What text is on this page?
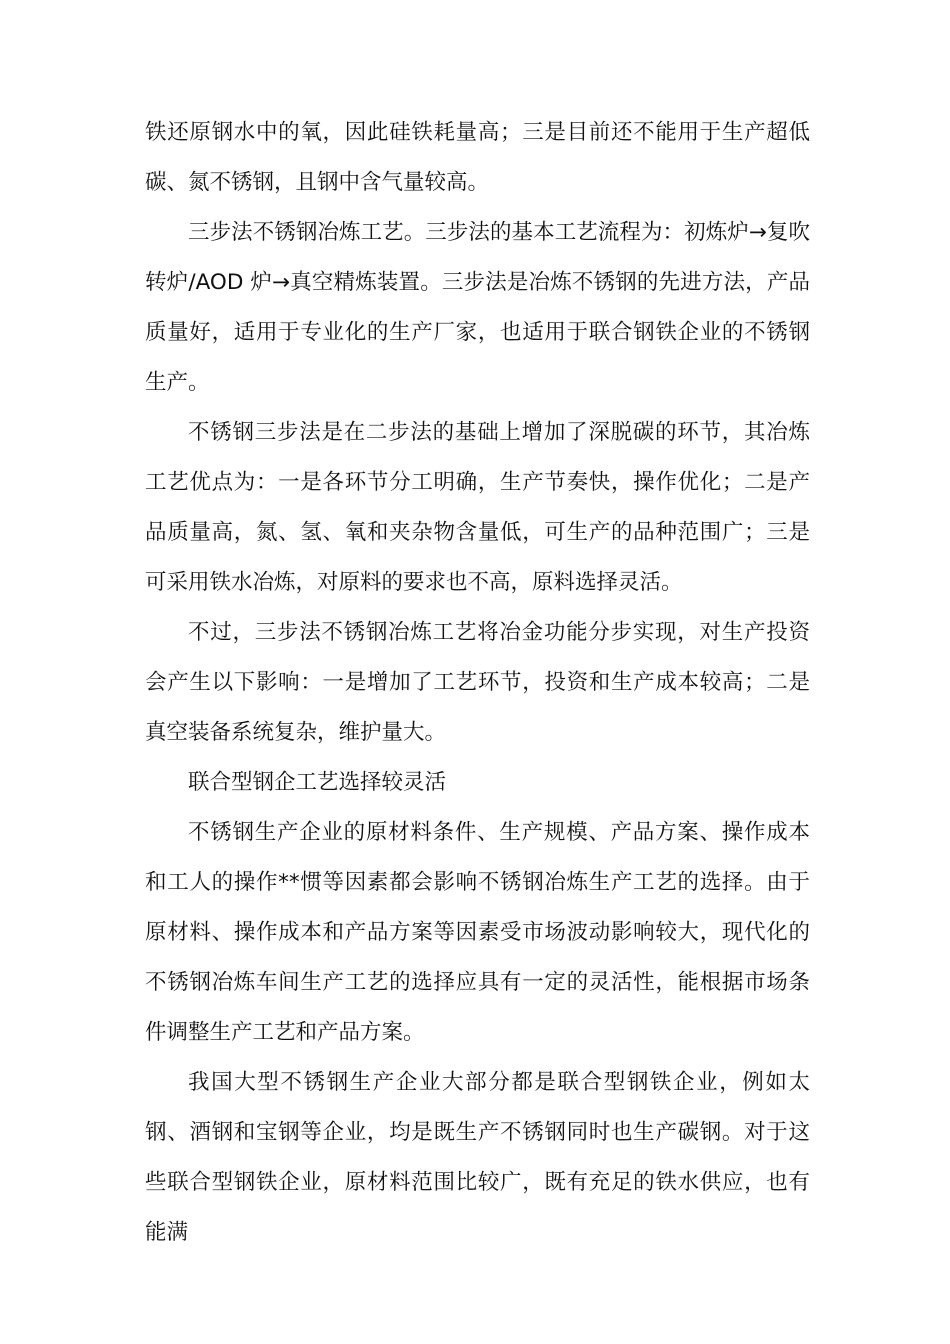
铁还原钢水中的氧，因此硅铁耗量高；三是目前还不能用于生产超低碳、氮不锈钢，且钢中含气量较高。

三步法不锈钢冶炼工艺。三步法的基本工艺流程为：初炼炉→复吹转炉/AOD 炉→真空精炼装置。三步法是冶炼不锈钢的先进方法，产品质量好，适用于专业化的生产厂家，也适用于联合钢铁企业的不锈钢生产。

不锈钢三步法是在二步法的基础上增加了深脱碳的环节，其冶炼工艺优点为：一是各环节分工明确，生产节奏快，操作优化；二是产品质量高，氮、氢、氧和夹杂物含量低，可生产的品种范围广；三是可采用铁水冶炼，对原料的要求也不高，原料选择灵活。

不过，三步法不锈钢冶炼工艺将冶金功能分步实现，对生产投资会产生以下影响：一是增加了工艺环节，投资和生产成本较高；二是真空装备系统复杂，维护量大。

联合型钢企工艺选择较灵活

不锈钢生产企业的原材料条件、生产规模、产品方案、操作成本和工人的操作**惯等因素都会影响不锈钢冶炼生产工艺的选择。由于原材料、操作成本和产品方案等因素受市场波动影响较大，现代化的不锈钢冶炼车间生产工艺的选择应具有一定的灵活性，能根据市场条件调整生产工艺和产品方案。

我国大型不锈钢生产企业大部分都是联合型钢铁企业，例如太钢、酒钢和宝钢等企业，均是既生产不锈钢同时也生产碳钢。对于这些联合型钢铁企业，原材料范围比较广，既有充足的铁水供应，也有能满
